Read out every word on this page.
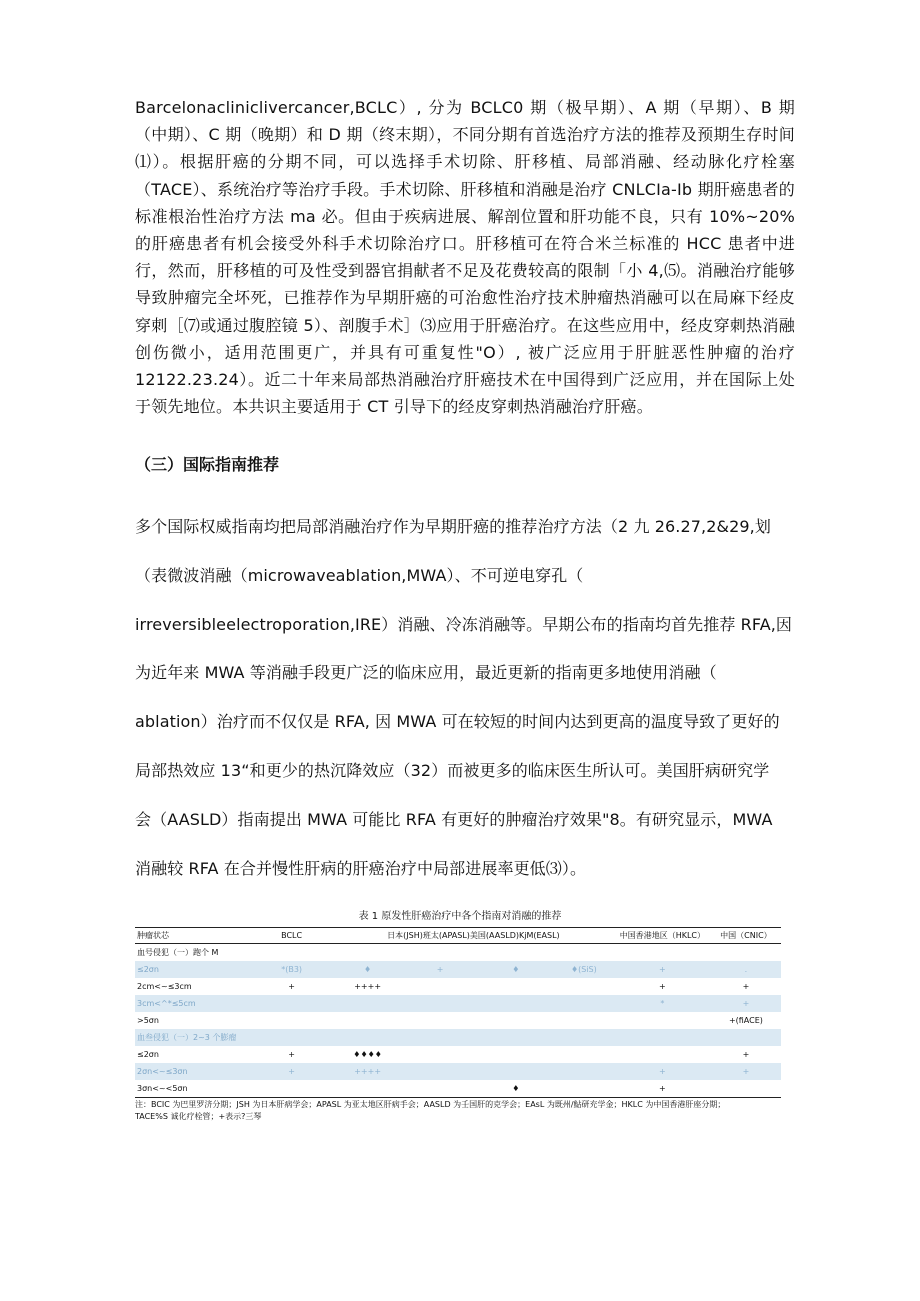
Barcelonacliniclivercancer,BCLC）, 分为 BCLC0 期（极早期）、A 期（早期）、B 期（中期）、C 期（晚期）和 D 期（终末期），不同分期有首选治疗方法的推荐及预期生存时间⑴）。根据肝癌的分期不同，可以选择手术切除、肝移植、局部消融、经动脉化疗栓塞（TACE）、系统治疗等治疗手段。手术切除、肝移植和消融是治疗 CNLCIa-Ib 期肝癌患者的标准根治性治疗方法 ma 必。但由于疾病进展、解剖位置和肝功能不良，只有 10%~20%的肝癌患者有机会接受外科手术切除治疗口。肝移植可在符合米兰标准的 HCC 患者中进行，然而，肝移植的可及性受到器官捐献者不足及花费较高的限制「小 4,⑸。消融治疗能够导致肿瘤完全坏死，已推荐作为早期肝癌的可治愈性治疗技术肿瘤热消融可以在局麻下经皮穿刺［⑺或通过腹腔镜 5）、剖腹手术］⑶应用于肝癌治疗。在这些应用中，经皮穿刺热消融创伤微小，适用范围更广，并具有可重复性"O）, 被广泛应用于肝脏恶性肿瘤的治疗 12122.23.24）。近二十年来局部热消融治疗肝癌技术在中国得到广泛应用，并在国际上处于领先地位。本共识主要适用于 CT 引导下的经皮穿刺热消融治疗肝癌。
（三）国际指南推荐
多个国际权威指南均把局部消融治疗作为早期肝癌的推荐治疗方法（2 九 26.27,2&29,划
（表微波消融（microwaveablation,MWA）、不可逆电穿孔（
irreversibleelectroporation,IRE）消融、冷冻消融等。早期公布的指南均首先推荐 RFA,因
为近年来 MWA 等消融手段更广泛的临床应用，最近更新的指南更多地使用消融（
ablation）治疗而不仅仅是 RFA, 因 MWA 可在较短的时间内达到更高的温度导致了更好的
局部热效应 13“和更少的热沉降效应（32）而被更多的临床医生所认可。美国肝病研究学
会（AASLD）指南提出 MWA 可能比 RFA 有更好的肿瘤治疗效果"8。有研究显示，MWA
消融较 RFA 在合并慢性肝病的肝癌治疗中局部进展率更低⑶）。
表 1 原发性肝癌治疗中各个指南对消融的推荐
肿瘤状芯	BCLC	日本(JSH)班太(APASL)美国(AASLD)KjM(EASL)				中国香港地区（HKLC）	中国（CNIC）
血号侵犯（一）跑个 M							
≤2σn	*(B3)	♦	+	♦	♦(SiS)	+	.
2cm<~≤3cm	+	++++				+	+
3cm<^*≤5cm						*	+
>5σn							+(fiACE)
血叁侵犯（一）2~3 个膨瘤							
≤2σn	+	♦♦♦♦					+
2σn<~≤3σn	+	++++				+	+
3σn<~<5σn				♦		+	
注：BCIC 为巴里罗济分期；JSH 为日本肝病学会；APASL 为亚太地区肝病手会；AASLD 为壬国肝的克学会；EAsL 为既州/鮎研充学金；HKLC 为中国香港肝座分期；
TACE%S 诚化疗栓管；+表示?三琴
